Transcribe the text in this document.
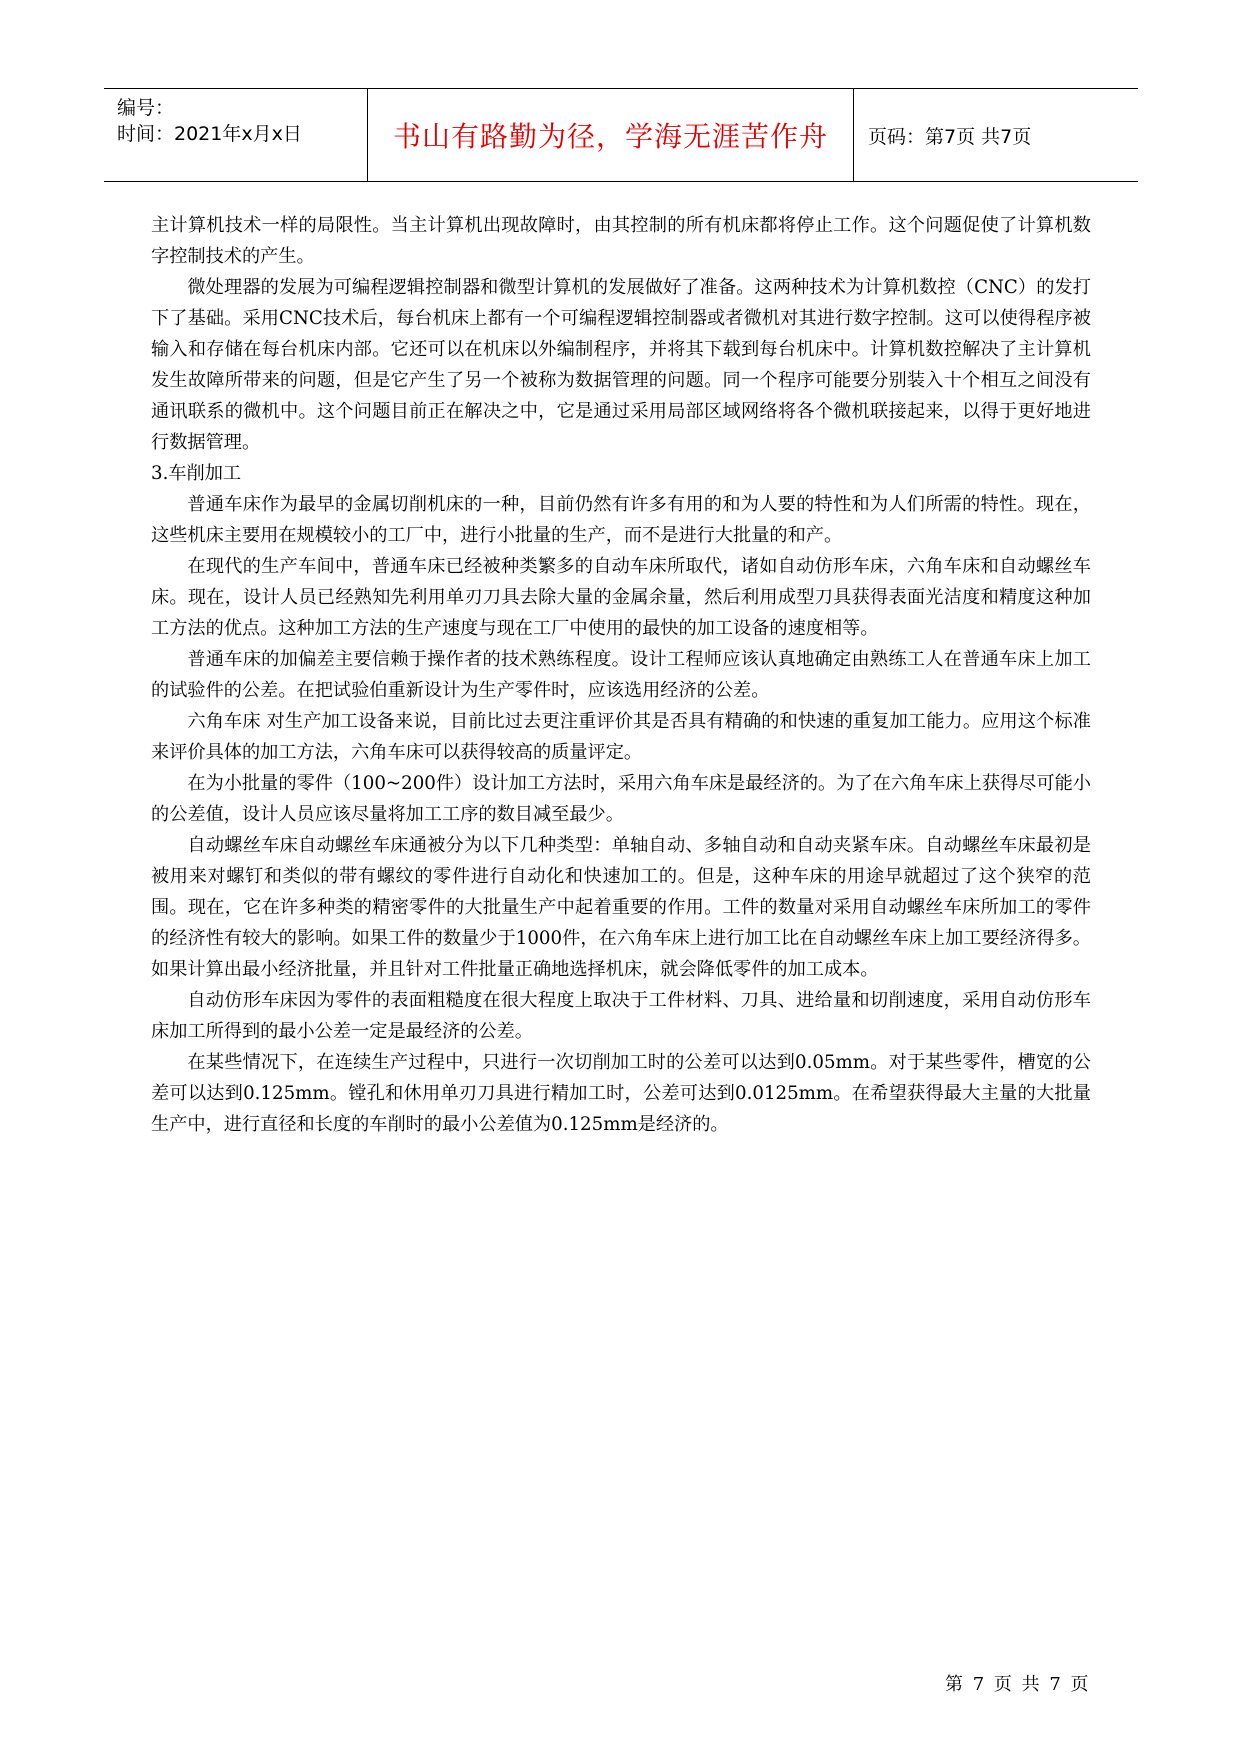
编号：
时间：2021年x月x日	书山有路勤为径，学海无涯苦作舟 页码：第7页 共7页

主计算机技术一样的局限性。当主计算机出现故障时，由其控制的所有机床都将停止工作。这个问题促使了计算机数字控制技术的产生。

微处理器的发展为可编程逻辑控制器和微型计算机的发展做好了准备。这两种技术为计算机数控（CNC）的发打下了基础。采用CNC技术后，每台机床上都有一个可编程逻辑控制器或者微机对其进行数字控制。这可以使得程序被输入和存储在每台机床内部。它还可以在机床以外编制程序，并将其下载到每台机床中。计算机数控解决了主计算机发生故障所带来的问题，但是它产生了另一个被称为数据管理的问题。同一个程序可能要分别装入十个相互之间没有通讯联系的微机中。这个问题目前正在解决之中，它是通过采用局部区域网络将各个微机联接起来，以得于更好地进行数据管理。

3.车削加工

普通车床作为最早的金属切削机床的一种，目前仍然有许多有用的和为人要的特性和为人们所需的特性。现在，这些机床主要用在规模较小的工厂中，进行小批量的生产，而不是进行大批量的和产。

在现代的生产车间中，普通车床已经被种类繁多的自动车床所取代，诸如自动仿形车床，六角车床和自动螺丝车床。现在，设计人员已经熟知先利用单刃刀具去除大量的金属余量，然后利用成型刀具获得表面光洁度和精度这种加工方法的优点。这种加工方法的生产速度与现在工厂中使用的最快的加工设备的速度相等。

普通车床的加偏差主要信赖于操作者的技术熟练程度。设计工程师应该认真地确定由熟练工人在普通车床上加工的试验件的公差。在把试验伯重新设计为生产零件时，应该选用经济的公差。

六角车床 对生产加工设备来说，目前比过去更注重评价其是否具有精确的和快速的重复加工能力。应用这个标准来评价具体的加工方法，六角车床可以获得较高的质量评定。

在为小批量的零件（100~200件）设计加工方法时，采用六角车床是最经济的。为了在六角车床上获得尽可能小的公差值，设计人员应该尽量将加工工序的数目减至最少。

自动螺丝车床自动螺丝车床通被分为以下几种类型：单轴自动、多轴自动和自动夹紧车床。自动螺丝车床最初是被用来对螺钉和类似的带有螺纹的零件进行自动化和快速加工的。但是，这种车床的用途早就超过了这个狭窄的范围。现在，它在许多种类的精密零件的大批量生产中起着重要的作用。工件的数量对采用自动螺丝车床所加工的零件的经济性有较大的影响。如果工件的数量少于1000件，在六角车床上进行加工比在自动螺丝车床上加工要经济得多。如果计算出最小经济批量，并且针对工件批量正确地选择机床，就会降低零件的加工成本。

自动仿形车床因为零件的表面粗糙度在很大程度上取决于工件材料、刀具、进给量和切削速度，采用自动仿形车床加工所得到的最小公差一定是最经济的公差。

在某些情况下，在连续生产过程中，只进行一次切削加工时的公差可以达到0.05mm。对于某些零件，槽宽的公差可以达到0.125mm。镗孔和休用单刃刀具进行精加工时，公差可达到0.0125mm。在希望获得最大主量的大批量生产中，进行直径和长度的车削时的最小公差值为0.125mm是经济的。

第 7 页 共 7 页
